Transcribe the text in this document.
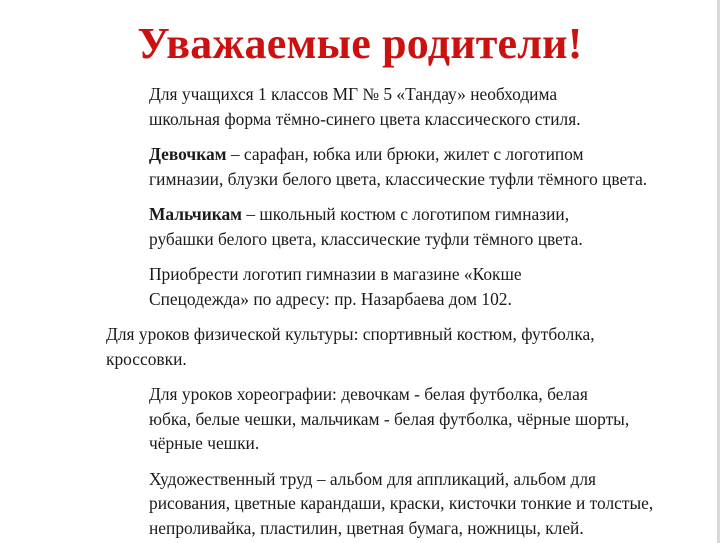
Уважаемые родители!

Для учащихся 1 классов МГ № 5 «Тандау» необходима
школьная форма тёмно-синего цвета классического стиля.

Девочкам – сарафан, юбка или брюки, жилет с логотипом
гимназии, блузки белого цвета, классические туфли тёмного цвета.

Мальчикам – школьный костюм с логотипом гимназии,
рубашки белого цвета, классические туфли тёмного цвета.

Приобрести логотип гимназии в магазине «Кокше
Спецодежда» по адресу: пр. Назарбаева дом 102.

Для уроков физической культуры: спортивный костюм, футболка,
кроссовки.

Для уроков хореографии: девочкам - белая футболка, белая
юбка, белые чешки, мальчикам - белая футболка, чёрные шорты,
чёрные чешки.

Художественный труд – альбом для аппликаций, альбом для
рисования, цветные карандаши, краски, кисточки тонкие и толстые,
непроливайка, пластилин, цветная бумага, ножницы, клей.
